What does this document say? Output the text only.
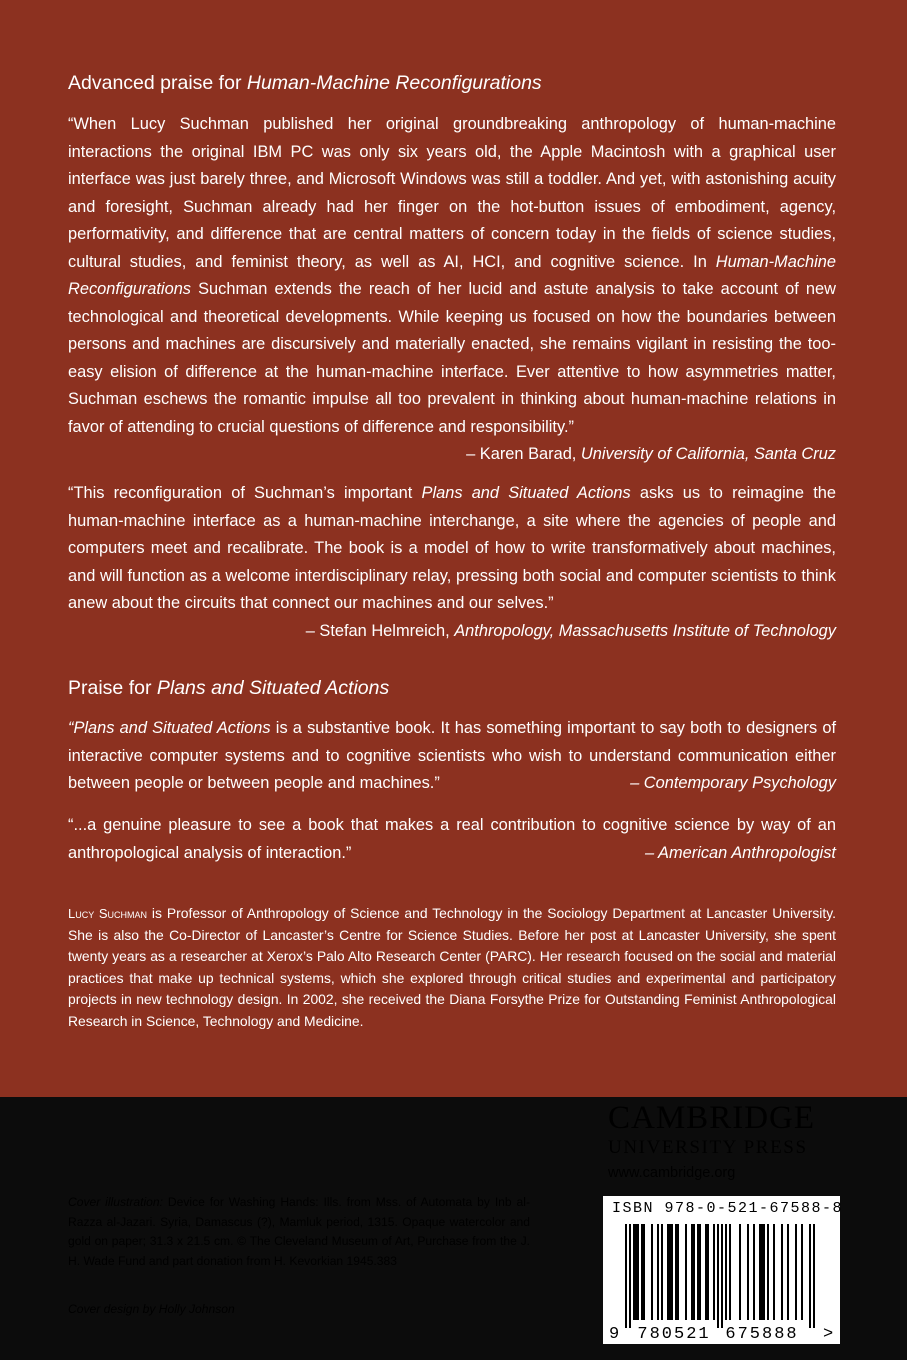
Advanced praise for Human-Machine Reconfigurations

“When Lucy Suchman published her original groundbreaking anthropology of human-machine interactions the original IBM PC was only six years old, the Apple Macintosh with a graphical user interface was just barely three, and Microsoft Windows was still a toddler. And yet, with astonishing acuity and foresight, Suchman already had her finger on the hot-button issues of embodiment, agency, performativity, and difference that are central matters of concern today in the fields of science studies, cultural studies, and feminist theory, as well as AI, HCI, and cognitive science. In Human-Machine Reconfigurations Suchman extends the reach of her lucid and astute analysis to take account of new technological and theoretical developments. While keeping us focused on how the boundaries between persons and machines are discursively and materially enacted, she remains vigilant in resisting the too-easy elision of difference at the human-machine interface. Ever attentive to how asymmetries matter, Suchman eschews the romantic impulse all too prevalent in thinking about human-machine relations in favor of attending to crucial questions of difference and responsibility.”
– Karen Barad, University of California, Santa Cruz

“This reconfiguration of Suchman’s important Plans and Situated Actions asks us to reimagine the human-machine interface as a human-machine interchange, a site where the agencies of people and computers meet and recalibrate. The book is a model of how to write transformatively about machines, and will function as a welcome interdisciplinary relay, pressing both social and computer scientists to think anew about the circuits that connect our machines and our selves.”
– Stefan Helmreich, Anthropology, Massachusetts Institute of Technology

Praise for Plans and Situated Actions

“Plans and Situated Actions is a substantive book. It has something important to say both to designers of interactive computer systems and to cognitive scientists who wish to understand communication either between people or between people and machines.”	– Contemporary Psychology

“...a genuine pleasure to see a book that makes a real contribution to cognitive science by way of an anthropological analysis of interaction.”	– American Anthropologist

Lucy Suchman is Professor of Anthropology of Science and Technology in the Sociology Department at Lancaster University. She is also the Co-Director of Lancaster’s Centre for Science Studies. Before her post at Lancaster University, she spent twenty years as a researcher at Xerox’s Palo Alto Research Center (PARC). Her research focused on the social and material practices that make up technical systems, which she explored through critical studies and experimental and participatory projects in new technology design. In 2002, she received the Diana Forsythe Prize for Outstanding Feminist Anthropological Research in Science, Technology and Medicine.

Cover illustration: Device for Washing Hands: Ills. from Mss. of Automata by Inb al-Razza al-Jazari. Syria, Damascus (?), Mamluk period, 1315. Opaque watercolor and gold on paper; 31.3 x 21.5 cm. © The Cleveland Museum of Art, Purchase from the J. H. Wade Fund and part donation from H. Kevorkian 1945.383

Cover design by Holly Johnson

CAMBRIDGE
UNIVERSITY PRESS
www.cambridge.org
ISBN 978-0-521-67588-8
9 780521 675888 >
